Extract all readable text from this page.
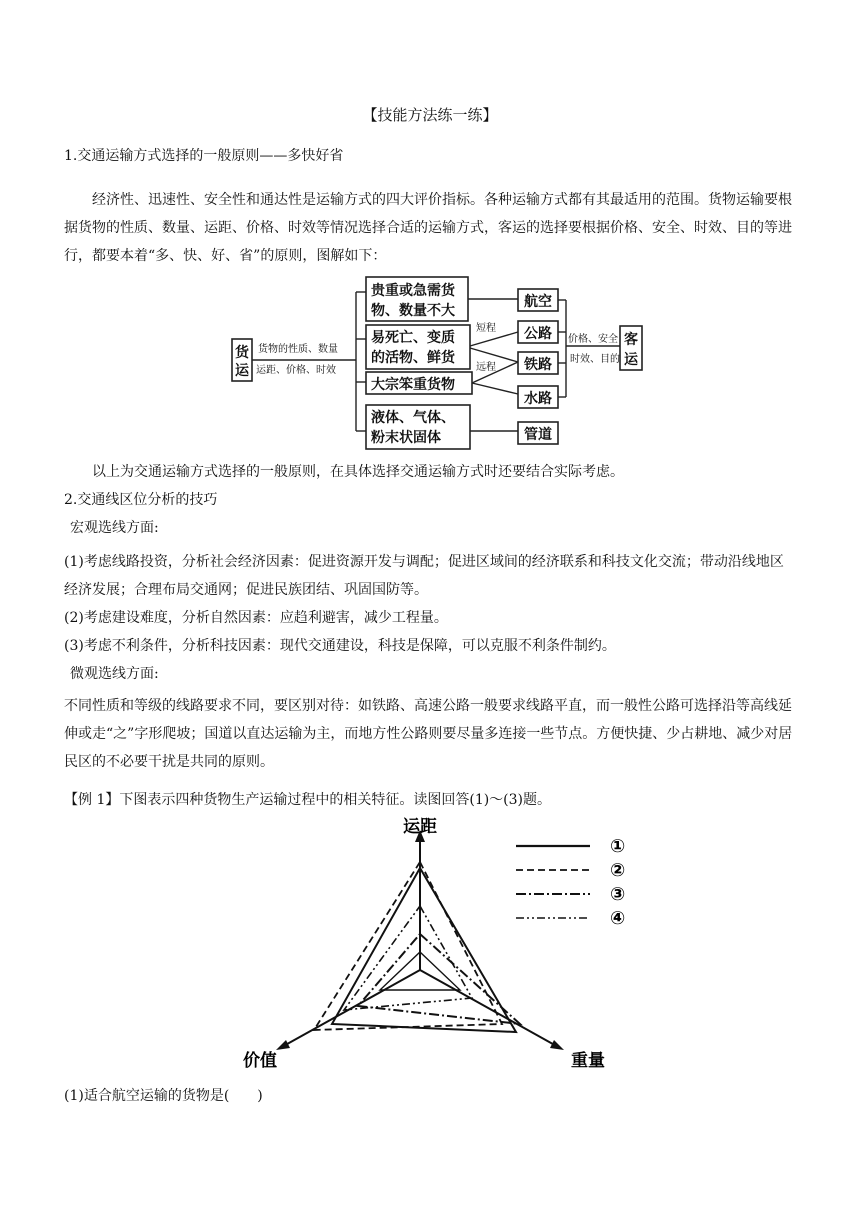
【技能方法练一练】

1.交通运输方式选择的一般原则——多快好省

经济性、迅速性、安全性和通达性是运输方式的四大评价指标。各种运输方式都有其最适用的范围。货物运输要根据货物的性质、数量、运距、价格、时效等情况选择合适的运输方式，客运的选择要根据价格、安全、时效、目的等进行，都要本着“多、快、好、省”的原则，图解如下：

货
运
货物的性质、数量
运距、价格、时效
贵重或急需货
物、数量不大
易死亡、变质
的活物、鲜货
大宗笨重货物
液体、气体、
粉末状固体
短程
远程
航空
公路
铁路
水路
管道
价格、安全
时效、目的
客
运

以上为交通运输方式选择的一般原则，在具体选择交通运输方式时还要结合实际考虑。

2.交通线区位分析的技巧

宏观选线方面:

(1)考虑线路投资，分析社会经济因素：促进资源开发与调配；促进区域间的经济联系和科技文化交流；带动沿线地区经济发展；合理布局交通网；促进民族团结、巩固国防等。

(2)考虑建设难度，分析自然因素：应趋利避害，减少工程量。

(3)考虑不利条件，分析科技因素：现代交通建设，科技是保障，可以克服不利条件制约。

微观选线方面:

不同性质和等级的线路要求不同，要区别对待：如铁路、高速公路一般要求线路平直，而一般性公路可选择沿等高线延伸或走“之”字形爬坡；国道以直达运输为主，而地方性公路则要尽量多连接一些节点。方便快捷、少占耕地、减少对居民区的不必要干扰是共同的原则。

【例 1】下图表示四种货物生产运输过程中的相关特征。读图回答(1)～(3)题。

运距
价值	重量
①
②
③
④

(1)适合航空运输的货物是(　　)
